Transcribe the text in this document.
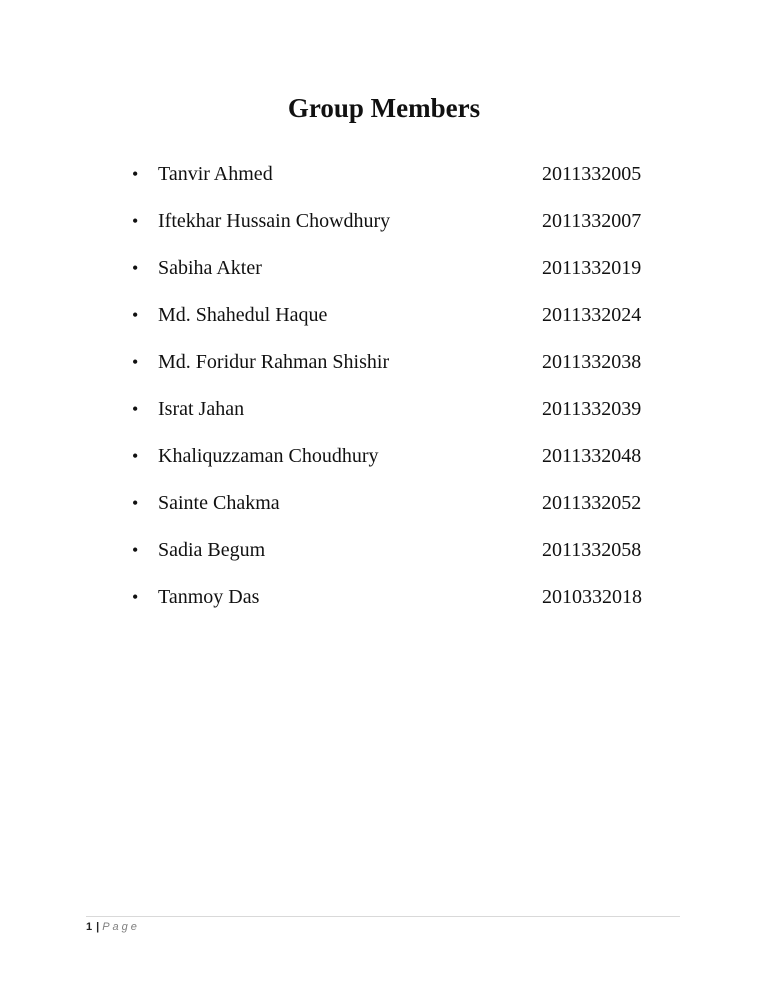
Group Members
• Tanvir Ahmed	2011332005
• Iftekhar Hussain Chowdhury	2011332007
• Sabiha Akter	2011332019
• Md. Shahedul Haque	2011332024
• Md. Foridur Rahman Shishir	2011332038
• Israt Jahan	2011332039
• Khaliquzzaman Choudhury	2011332048
• Sainte Chakma	2011332052
• Sadia Begum	2011332058
• Tanmoy Das	2010332018
1 | Page
